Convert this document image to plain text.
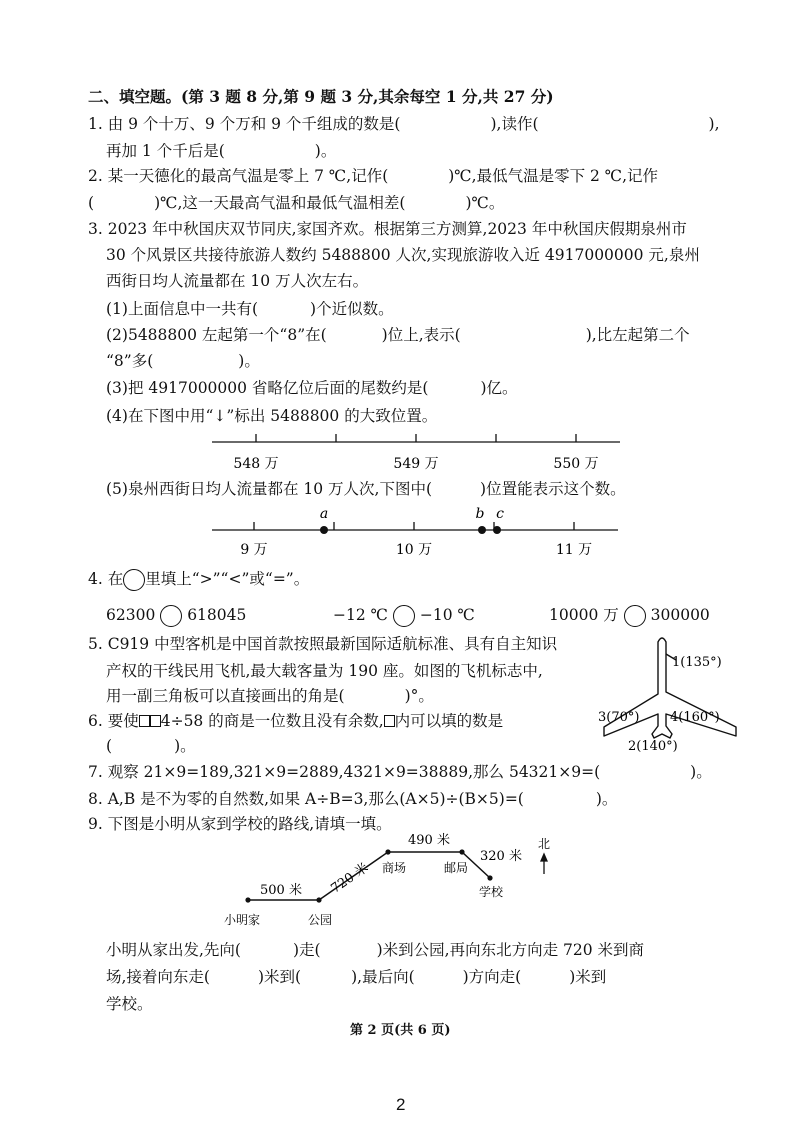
二、填空题。(第 3 题 8 分,第 9 题 3 分,其余每空 1 分,共 27 分)
1. 由 9 个十万、9 个万和 9 个千组成的数是(	),读作(	),
再加 1 个千后是(	)。
2. 某一天德化的最高气温是零上 7 ℃,记作(	)℃,最低气温是零下 2 ℃,记作
(	)℃,这一天最高气温和最低气温相差(	)℃。
3. 2023 年中秋国庆双节同庆,家国齐欢。根据第三方测算,2023 年中秋国庆假期泉州市
30 个风景区共接待旅游人数约 5488800 人次,实现旅游收入近 4917000000 元,泉州
西街日均人流量都在 10 万人次左右。
(1)上面信息中一共有(	)个近似数。
(2)5488800 左起第一个“8”在(	)位上,表示(	),比左起第二个
“8”多(	)。
(3)把 4917000000 省略亿位后面的尾数约是(	)亿。
(4)在下图中用“↓”标出 5488800 的大致位置。
548 万	549 万	550 万
(5)泉州西街日均人流量都在 10 万人次,下图中(	)位置能表示这个数。
a	b c
9 万	10 万	11 万
4. 在 里填上“>”“<”或“=”。
62300 618045	−12 ℃ −10 ℃	10000 万 300000
5. C919 中型客机是中国首款按照最新国际适航标准、具有自主知识
产权的干线民用飞机,最大载客量为 190 座。如图的飞机标志中,
用一副三角板可以直接画出的角是(	)°。
1(135°)
3(70°) 4(160°)
2(140°)
6. 要使 4÷58 的商是一位数且没有余数, 内可以填的数是
(	)。
7. 观察 21×9=189,321×9=2889,4321×9=38889,那么 54321×9=(	)。
8. A,B 是不为零的自然数,如果 A÷B=3,那么(A×5)÷(B×5)=(	)。
9. 下图是小明从家到学校的路线,请填一填。
500 米 720 米
490 米
320 米
小明家	公园
商场	邮局
学校
北
小明从家出发,先向(	)走(	)米到公园,再向东北方向走 720 米到商
场,接着向东走(	)米到(	),最后向(	)方向走(	)米到
学校。
第 2 页(共 6 页)
2
